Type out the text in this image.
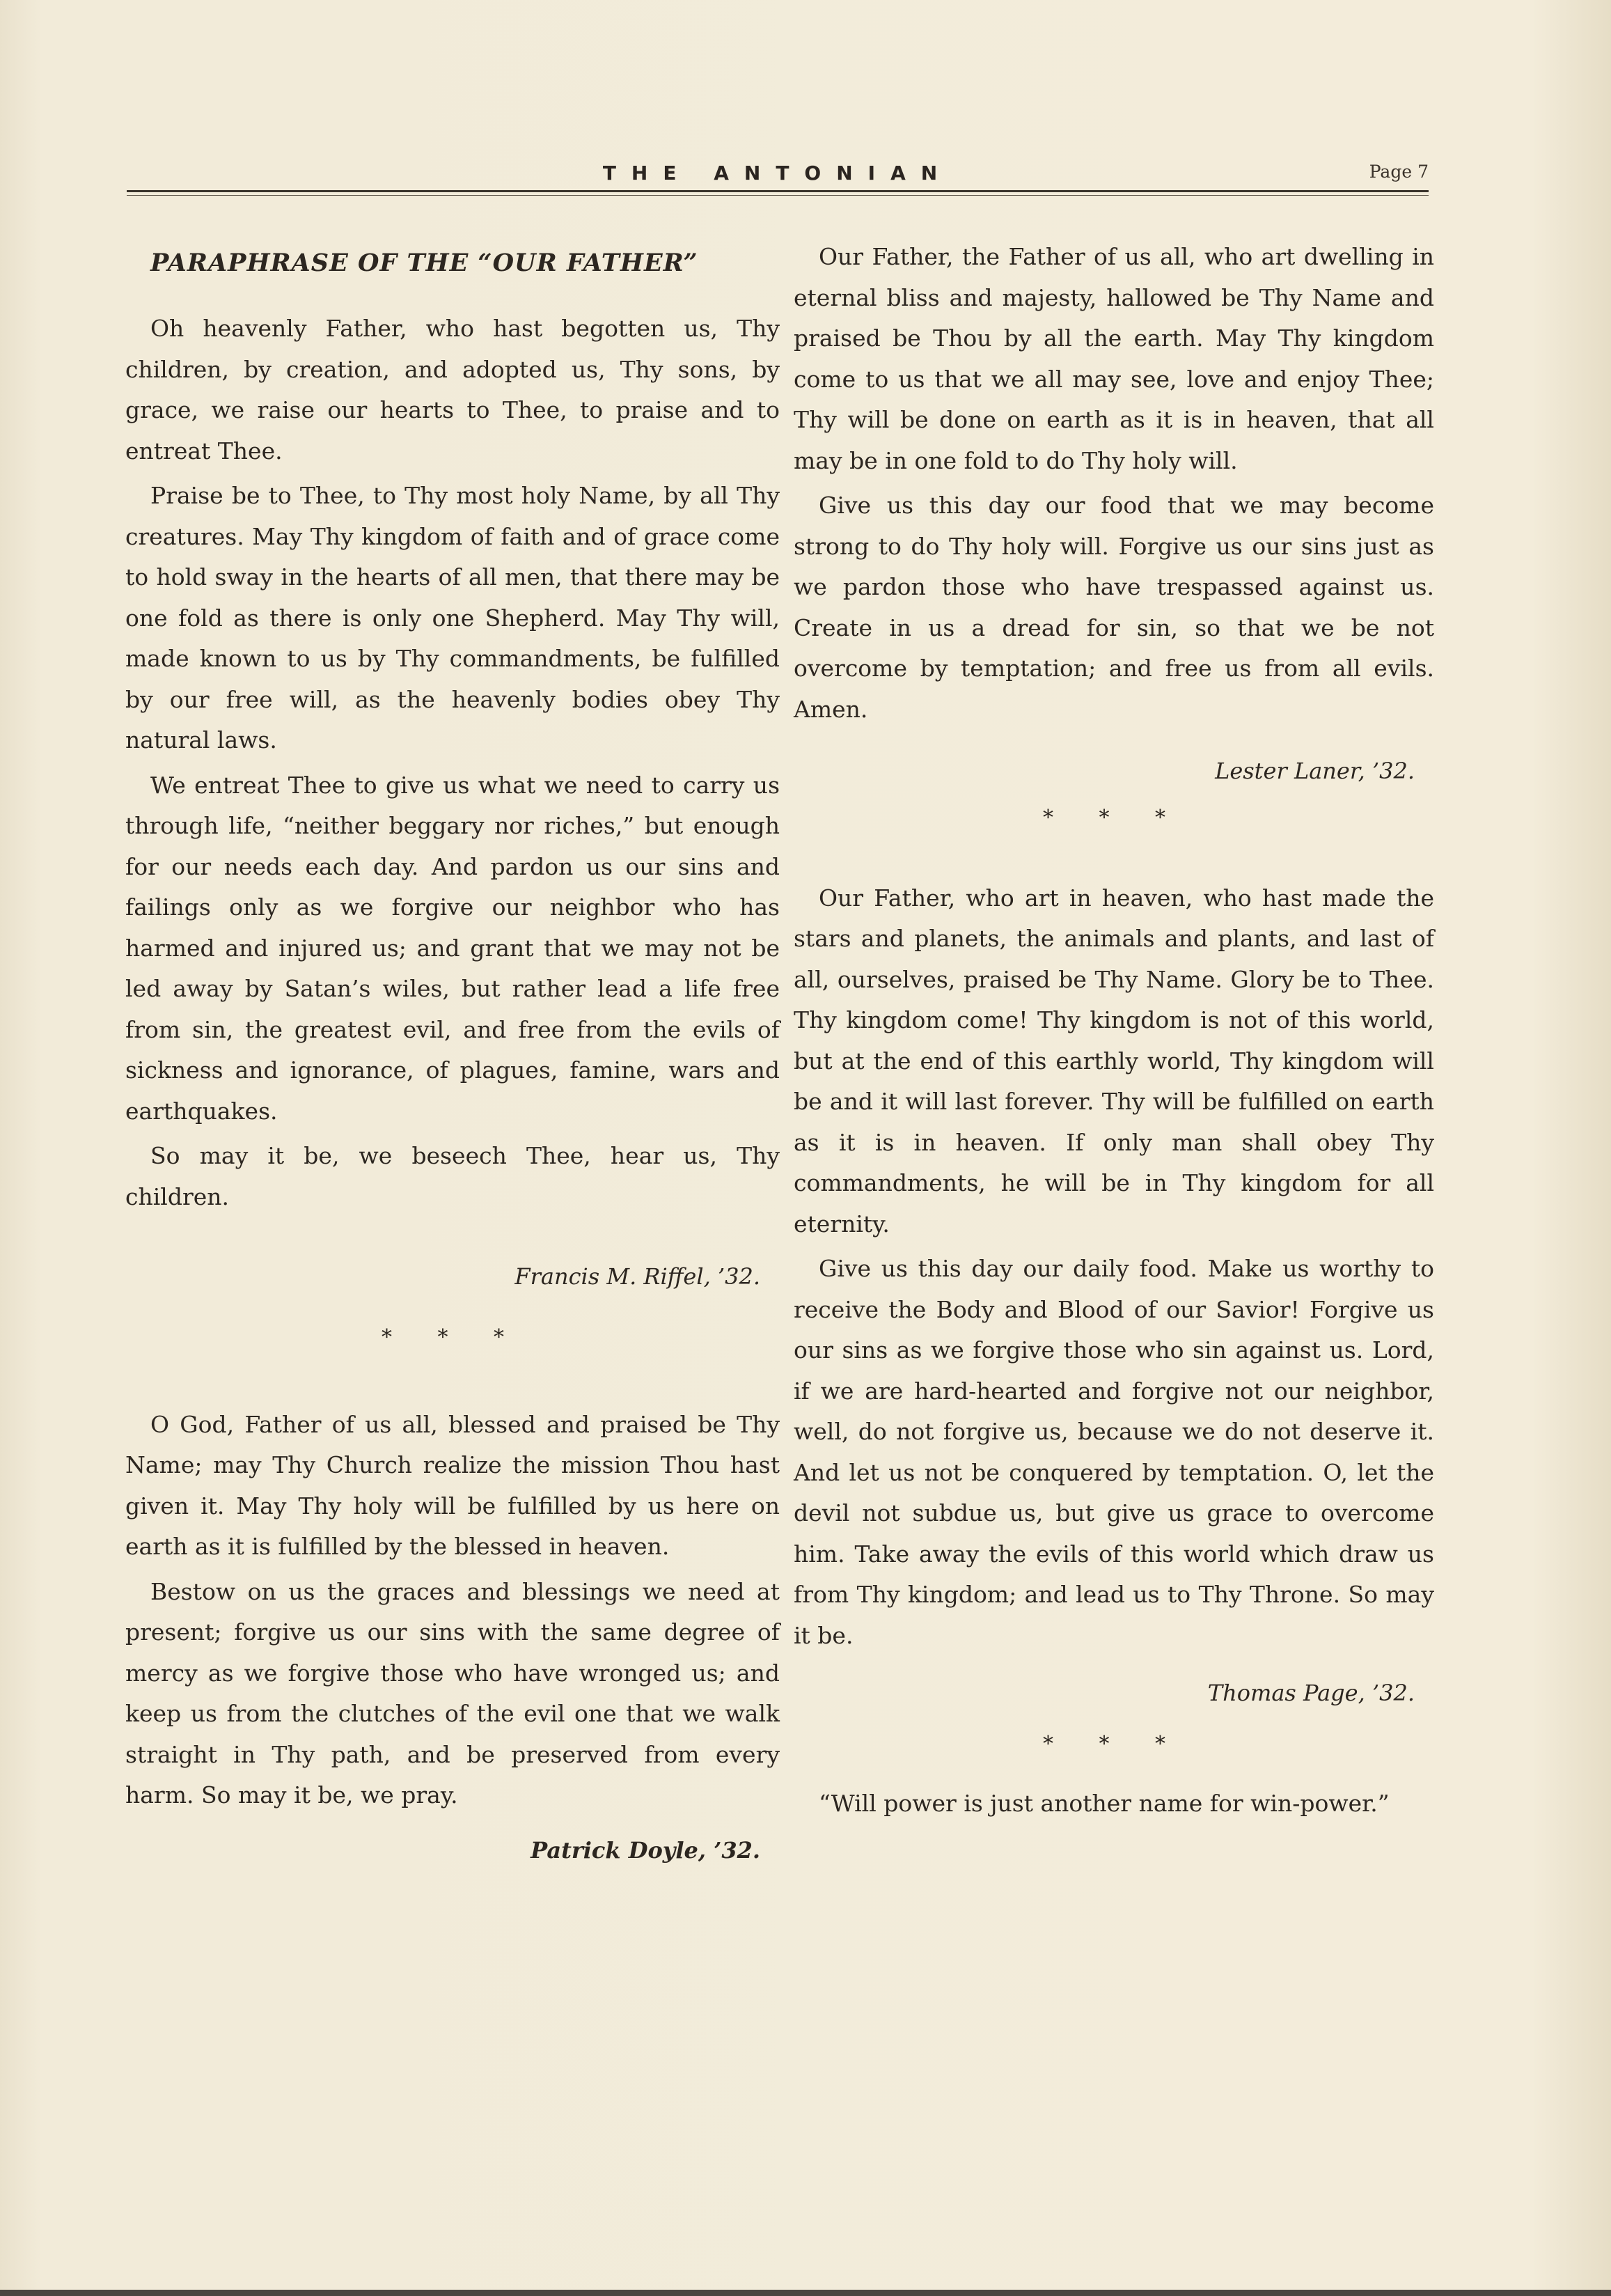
THE ANTONIAN	Page 7
PARAPHRASE OF THE “OUR FATHER”

Oh heavenly Father, who hast begotten us, Thy children, by creation, and adopted us, Thy sons, by grace, we raise our hearts to Thee, to praise and to entreat Thee.

Praise be to Thee, to Thy most holy Name, by all Thy creatures. May Thy kingdom of faith and of grace come to hold sway in the hearts of all men, that there may be one fold as there is only one Shepherd. May Thy will, made known to us by Thy commandments, be fulfilled by our free will, as the heavenly bodies obey Thy natural laws.

We entreat Thee to give us what we need to carry us through life, “neither beggary nor riches,” but enough for our needs each day. And pardon us our sins and failings only as we forgive our neighbor who has harmed and injured us; and grant that we may not be led away by Satan’s wiles, but rather lead a life free from sin, the greatest evil, and free from the evils of sickness and ignorance, of plagues, famine, wars and earthquakes.

So may it be, we beseech Thee, hear us, Thy children.

Francis M. Riffel, ’32.
* * *

O God, Father of us all, blessed and praised be Thy Name; may Thy Church realize the mission Thou hast given it. May Thy holy will be fulfilled by us here on earth as it is fulfilled by the blessed in heaven.

Bestow on us the graces and blessings we need at present; forgive us our sins with the same degree of mercy as we forgive those who have wronged us; and keep us from the clutches of the evil one that we walk straight in Thy path, and be preserved from every harm. So may it be, we pray.

Patrick Doyle, ’32.

Our Father, the Father of us all, who art dwelling in eternal bliss and majesty, hallowed be Thy Name and praised be Thou by all the earth. May Thy kingdom come to us that we all may see, love and enjoy Thee; Thy will be done on earth as it is in heaven, that all may be in one fold to do Thy holy will.

Give us this day our food that we may become strong to do Thy holy will. Forgive us our sins just as we pardon those who have trespassed against us. Create in us a dread for sin, so that we be not overcome by temptation; and free us from all evils. Amen.

Lester Laner, ’32.
* * *

Our Father, who art in heaven, who hast made the stars and planets, the animals and plants, and last of all, ourselves, praised be Thy Name. Glory be to Thee. Thy kingdom come! Thy kingdom is not of this world, but at the end of this earthly world, Thy kingdom will be and it will last forever. Thy will be fulfilled on earth as it is in heaven. If only man shall obey Thy commandments, he will be in Thy kingdom for all eternity.

Give us this day our daily food. Make us worthy to receive the Body and Blood of our Savior! Forgive us our sins as we forgive those who sin against us. Lord, if we are hard-hearted and forgive not our neighbor, well, do not forgive us, because we do not deserve it. And let us not be conquered by temptation. O, let the devil not subdue us, but give us grace to overcome him. Take away the evils of this world which draw us from Thy kingdom; and lead us to Thy Throne. So may it be.

Thomas Page, ’32.
* * *

“Will power is just another name for win-power.”
